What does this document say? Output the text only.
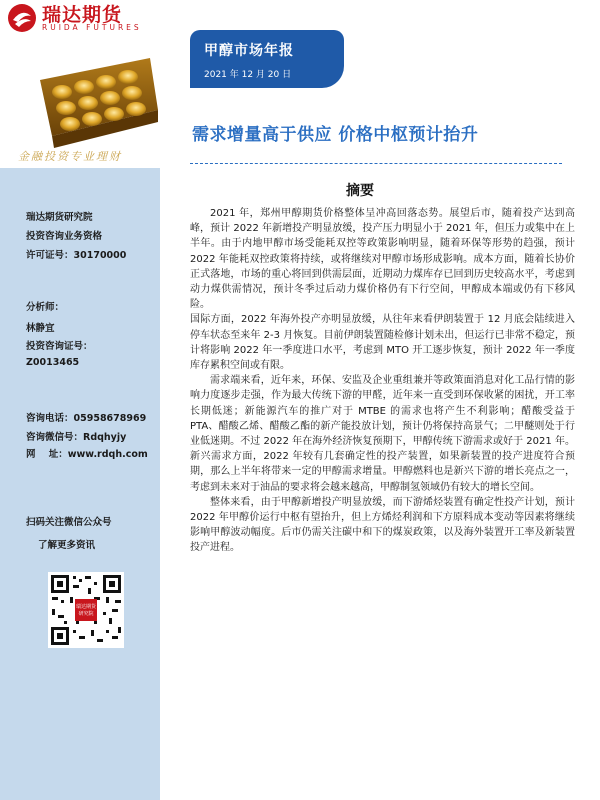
瑞达期货
RUIDA FUTURES
金融投资专业理财
瑞达期货研究院
投资咨询业务资格
许可证号：30170000
分析师：
林静宜
投资咨询证号：
Z0013465
咨询电话：05958678969
咨询微信号：Rdqhyjy
网    址：www.rdqh.com
扫码关注微信公众号
了解更多资讯
瑞达期货
研究院
甲醇市场年报
2021 年 12 月 20 日
需求增量高于供应 价格中枢预计抬升
摘要

2021 年，郑州甲醇期货价格整体呈冲高回落态势。展望后市，随着投产达到高峰，预计 2022 年新增投产明显放缓，投产压力明显小于 2021 年，但压力或集中在上半年。由于内地甲醇市场受能耗双控等政策影响明显，随着环保等形势的趋强，预计 2022 年能耗双控政策将持续，或将继续对甲醇市场形成影响。成本方面，随着长协价正式落地，市场的重心将回到供需层面，近期动力煤库存已回到历史较高水平，考虑到动力煤供需情况，预计冬季过后动力煤价格仍有下行空间，甲醇成本端或仍有下移风险。

国际方面，2022 年海外投产亦明显放缓，从往年来看伊朗装置于 12 月底会陆续进入停车状态至来年 2-3 月恢复。目前伊朗装置随检修计划未出，但运行已非常不稳定，预计将影响 2022 年一季度进口水平，考虑到 MTO 开工逐步恢复，预计 2022 年一季度库存累积空间或有限。

需求端来看，近年来，环保、安监及企业重组兼并等政策面消息对化工品行情的影响力度逐步走强，作为最大传统下游的甲醛，近年来一直受到环保收紧的困扰，开工率长期低迷；新能源汽车的推广对于 MTBE 的需求也将产生不利影响；醋酸受益于 PTA、醋酸乙烯、醋酸乙酯的新产能投放计划，预计仍将保持高景气；二甲醚则处于行业低迷期。不过 2022 年在海外经济恢复预期下，甲醇传统下游需求或好于 2021 年。新兴需求方面，2022 年较有几套确定性的投产装置，如果新装置的投产进度符合预期，那么上半年将带来一定的甲醇需求增量。甲醇燃料也是新兴下游的增长亮点之一，考虑到未来对于油品的要求将会越来越高，甲醇制氢领域仍有较大的增长空间。

整体来看，由于甲醇新增投产明显放缓，而下游烯烃装置有确定性投产计划，预计 2022 年甲醇价运行中枢有望抬升，但上方烯烃利润和下方原料成本变动等因素将继续影响甲醇波动幅度。后市仍需关注碳中和下的煤炭政策，以及海外装置开工率及新装置投产进程。
